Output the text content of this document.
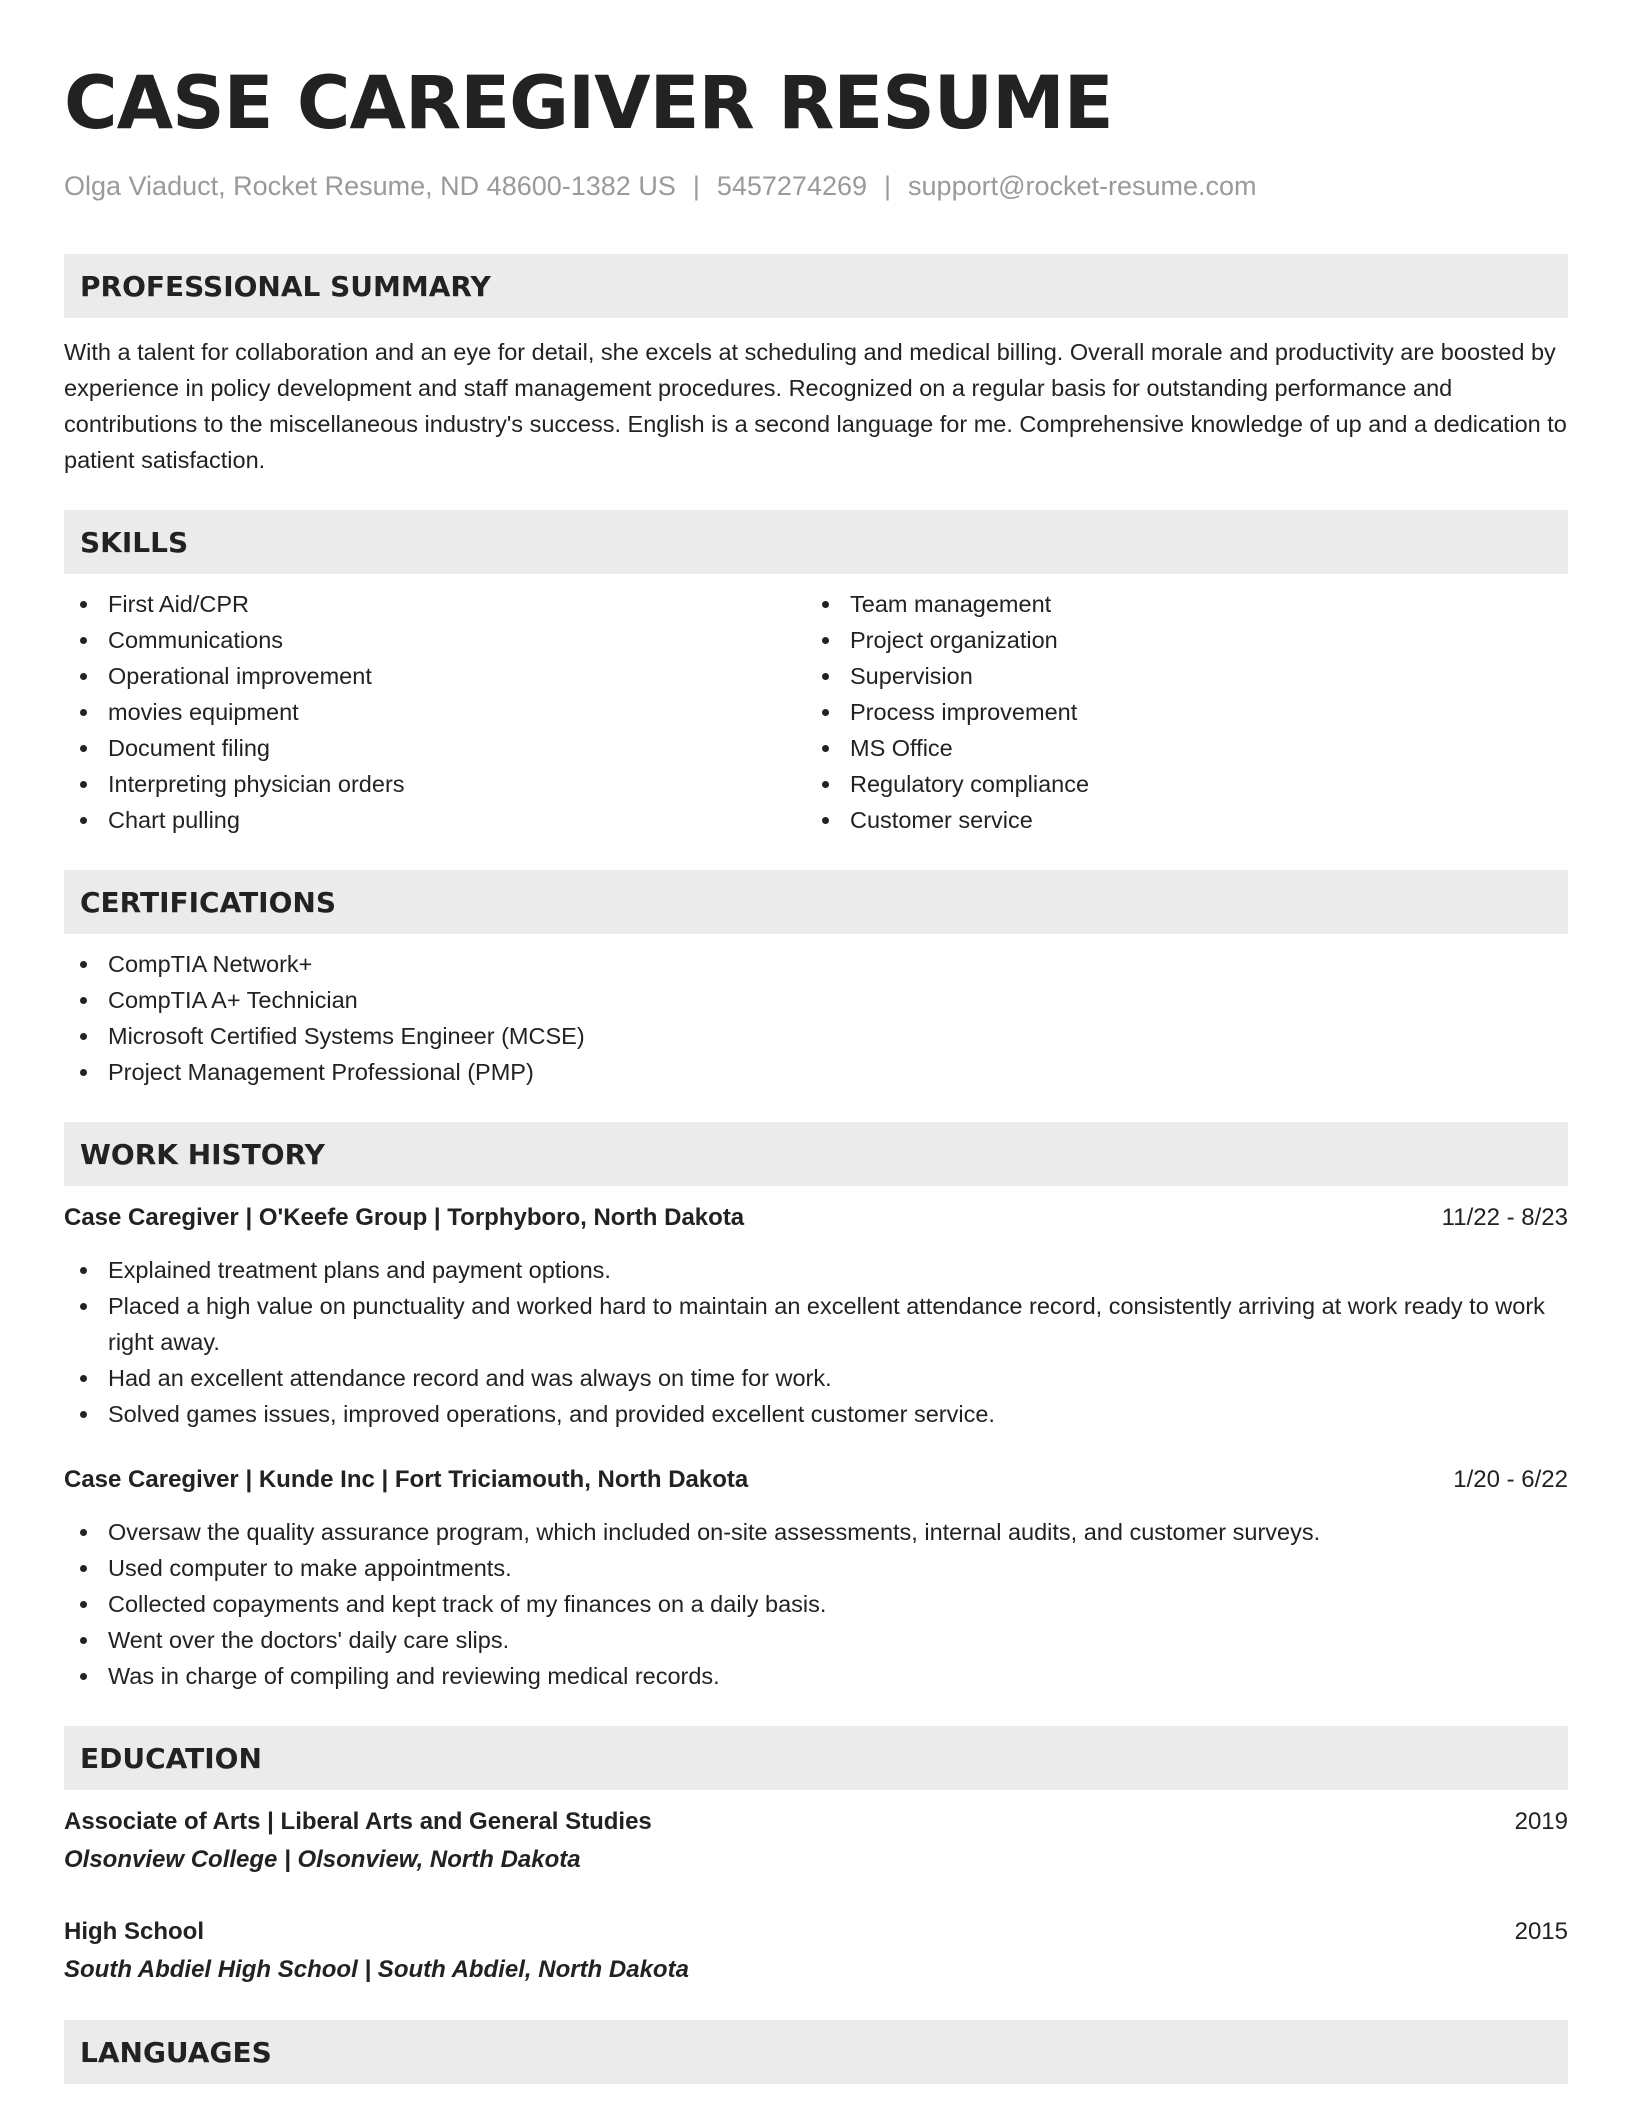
CASE CAREGIVER RESUME
Olga Viaduct, Rocket Resume, ND 48600-1382 US | 5457274269 | support@rocket-resume.com
PROFESSIONAL SUMMARY

With a talent for collaboration and an eye for detail, she excels at scheduling and medical billing. Overall morale and productivity are boosted by experience in policy development and staff management procedures. Recognized on a regular basis for outstanding performance and contributions to the miscellaneous industry's success. English is a second language for me. Comprehensive knowledge of up and a dedication to patient satisfaction.

SKILLS
First Aid/CPR
Communications
Operational improvement
movies equipment
Document filing
Interpreting physician orders
Chart pulling
Team management
Project organization
Supervision
Process improvement
MS Office
Regulatory compliance
Customer service
CERTIFICATIONS
CompTIA Network+
CompTIA A+ Technician
Microsoft Certified Systems Engineer (MCSE)
Project Management Professional (PMP)
WORK HISTORY
Case Caregiver | O'Keefe Group | Torphyboro, North Dakota	11/22 - 8/23
Explained treatment plans and payment options.
Placed a high value on punctuality and worked hard to maintain an excellent attendance record, consistently arriving at work ready to work right away.
Had an excellent attendance record and was always on time for work.
Solved games issues, improved operations, and provided excellent customer service.
Case Caregiver | Kunde Inc | Fort Triciamouth, North Dakota	1/20 - 6/22
Oversaw the quality assurance program, which included on-site assessments, internal audits, and customer surveys.
Used computer to make appointments.
Collected copayments and kept track of my finances on a daily basis.
Went over the doctors' daily care slips.
Was in charge of compiling and reviewing medical records.
EDUCATION
Associate of Arts | Liberal Arts and General Studies	2019
Olsonview College | Olsonview, North Dakota
High School	2015
South Abdiel High School | South Abdiel, North Dakota
LANGUAGES
